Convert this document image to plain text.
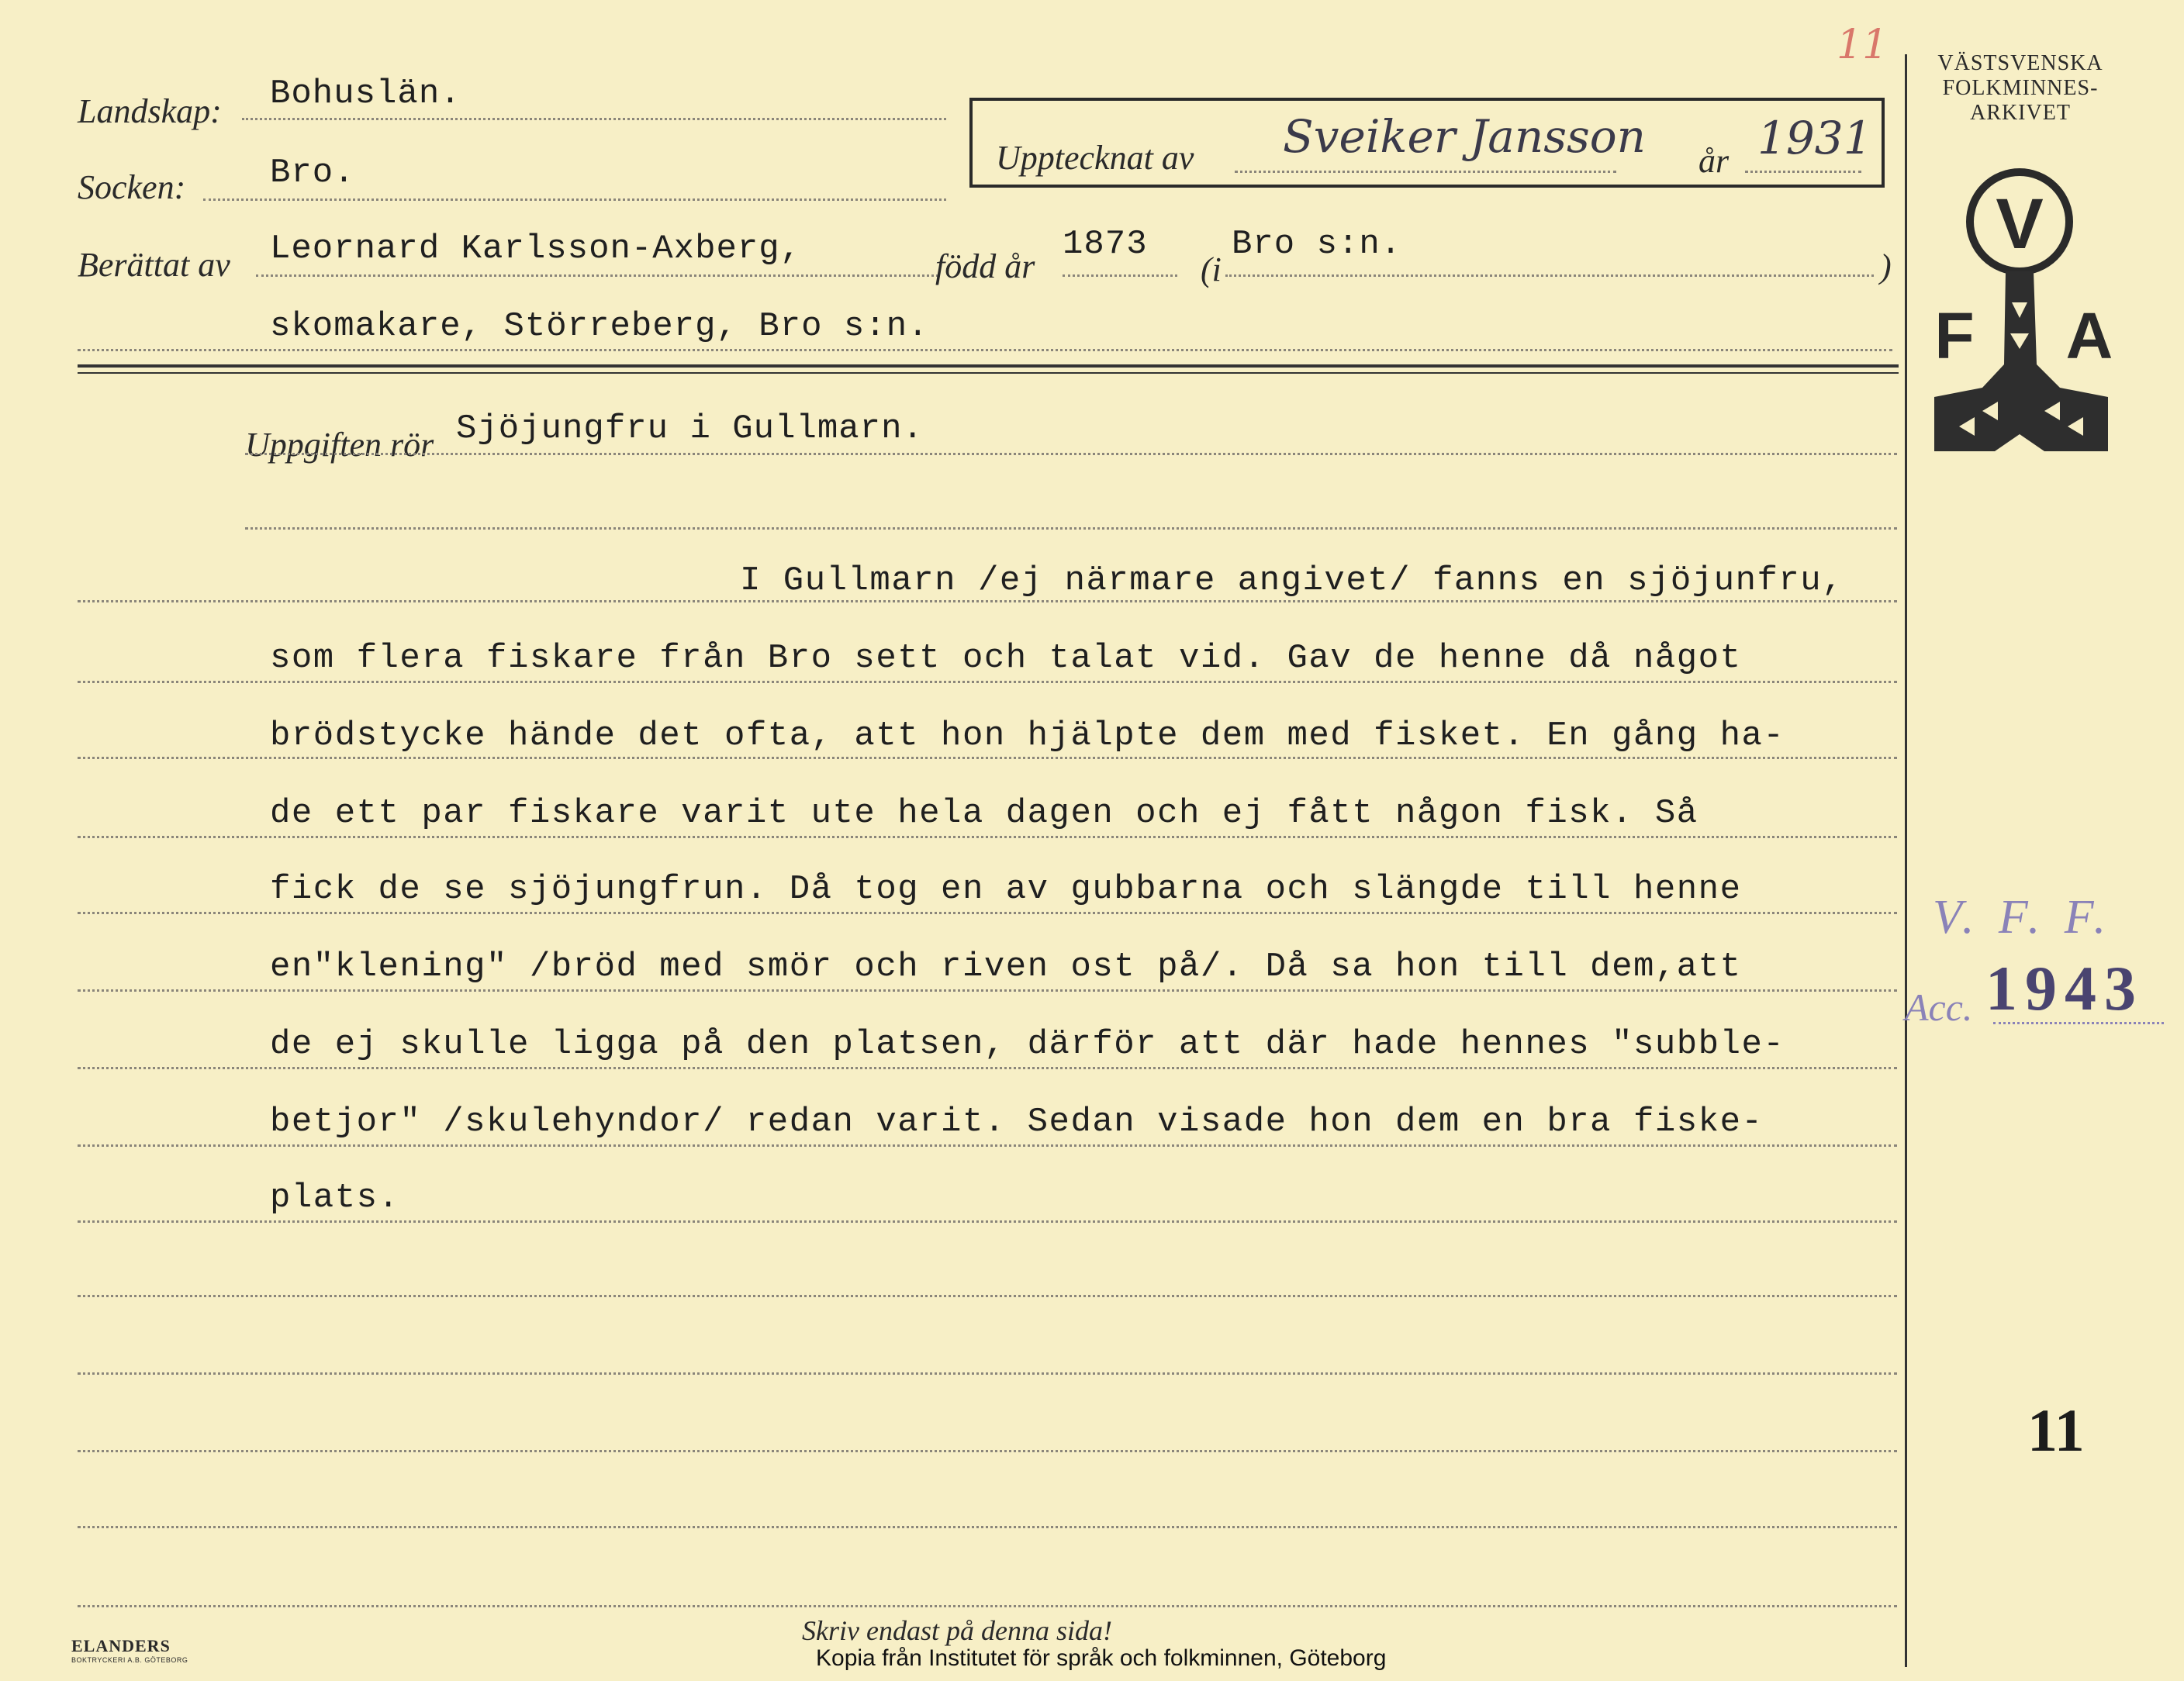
11
Landskap: Bohuslän.
Socken: Bro.	Upptecknat av Sveiker Jansson år 1931
Berättat av Leornard Karlsson-Axberg,	född år
1873
(i
Bro s:n.
)
skomakare, Störreberg, Bro s:n.
Uppgiften rör Sjöjungfru i Gullmarn.
I Gullmarn /ej närmare angivet/ fanns en sjöjunfru,
som flera fiskare från Bro sett och talat vid. Gav de henne då något
brödstycke hände det ofta, att hon hjälpte dem med fisket. En gång ha-
de ett par fiskare varit ute hela dagen och ej fått någon fisk. Så
fick de se sjöjungfrun. Då tog en av gubbarna och slängde till henne
en"klening" /bröd med smör och riven ost på/. Då sa hon till dem,att
de ej skulle ligga på den platsen, därför att där hade hennes "subble-
betjor" /skulehyndor/ redan varit. Sedan visade hon dem en bra fiske-
plats.
VÄSTSVENSKA
FOLKMINNES-
ARKIVET
V
F A
V. F. F.
Acc. 1943
11
Skriv endast på denna sida!
Kopia från Institutet för språk och folkminnen, Göteborg
ELANDERS
BOKTRYCKERI A.B. GÖTEBORG
